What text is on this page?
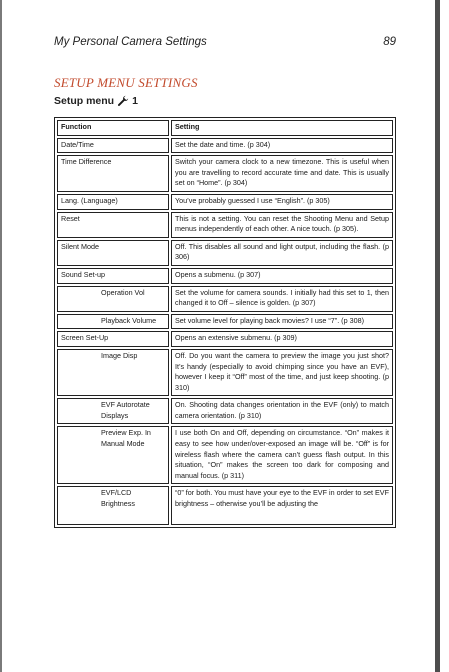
My Personal Camera Settings	89
SETUP MENU SETTINGS
Setup menu 1
Function	Setting
Date/Time	Set the date and time. (p 304)
Time Difference	Switch your camera clock to a new timezone. This is useful when you are travelling to record accurate time and date. This is usually set on “Home”. (p 304)
Lang. (Language)	You’ve probably guessed I use “English”. (p 305)
Reset	This is not a setting. You can reset the Shooting Menu and Setup menus independently of each other. A nice touch. (p 305).
Silent Mode	Off. This disables all sound and light output, including the flash. (p 306)
Sound Set-up	Opens a submenu. (p 307)
Operation Vol	Set the volume for camera sounds. I initially had this set to 1, then changed it to Off – silence is golden. (p 307)
Playback Volume	Set volume level for playing back movies? I use “7”. (p 308)
Screen Set-Up	Opens an extensive submenu. (p 309)
Image Disp	Off. Do you want the camera to preview the image you just shot? It’s handy (especially to avoid chimping since you have an EVF), however I keep it “Off” most of the time, and just keep shooting. (p 310)
EVF Autorotate Displays	On. Shooting data changes orientation in the EVF (only) to match camera orientation. (p 310)
Preview Exp. In Manual Mode	I use both On and Off, depending on circumstance. “On” makes it easy to see how under/over-exposed an image will be. “Off” is for wireless flash where the camera can’t guess flash output. In this situation, “On” makes the screen too dark for composing and manual focus. (p 311)
EVF/LCD Brightness	“0” for both. You must have your eye to the EVF in order to set EVF brightness – otherwise you’ll be adjusting the
